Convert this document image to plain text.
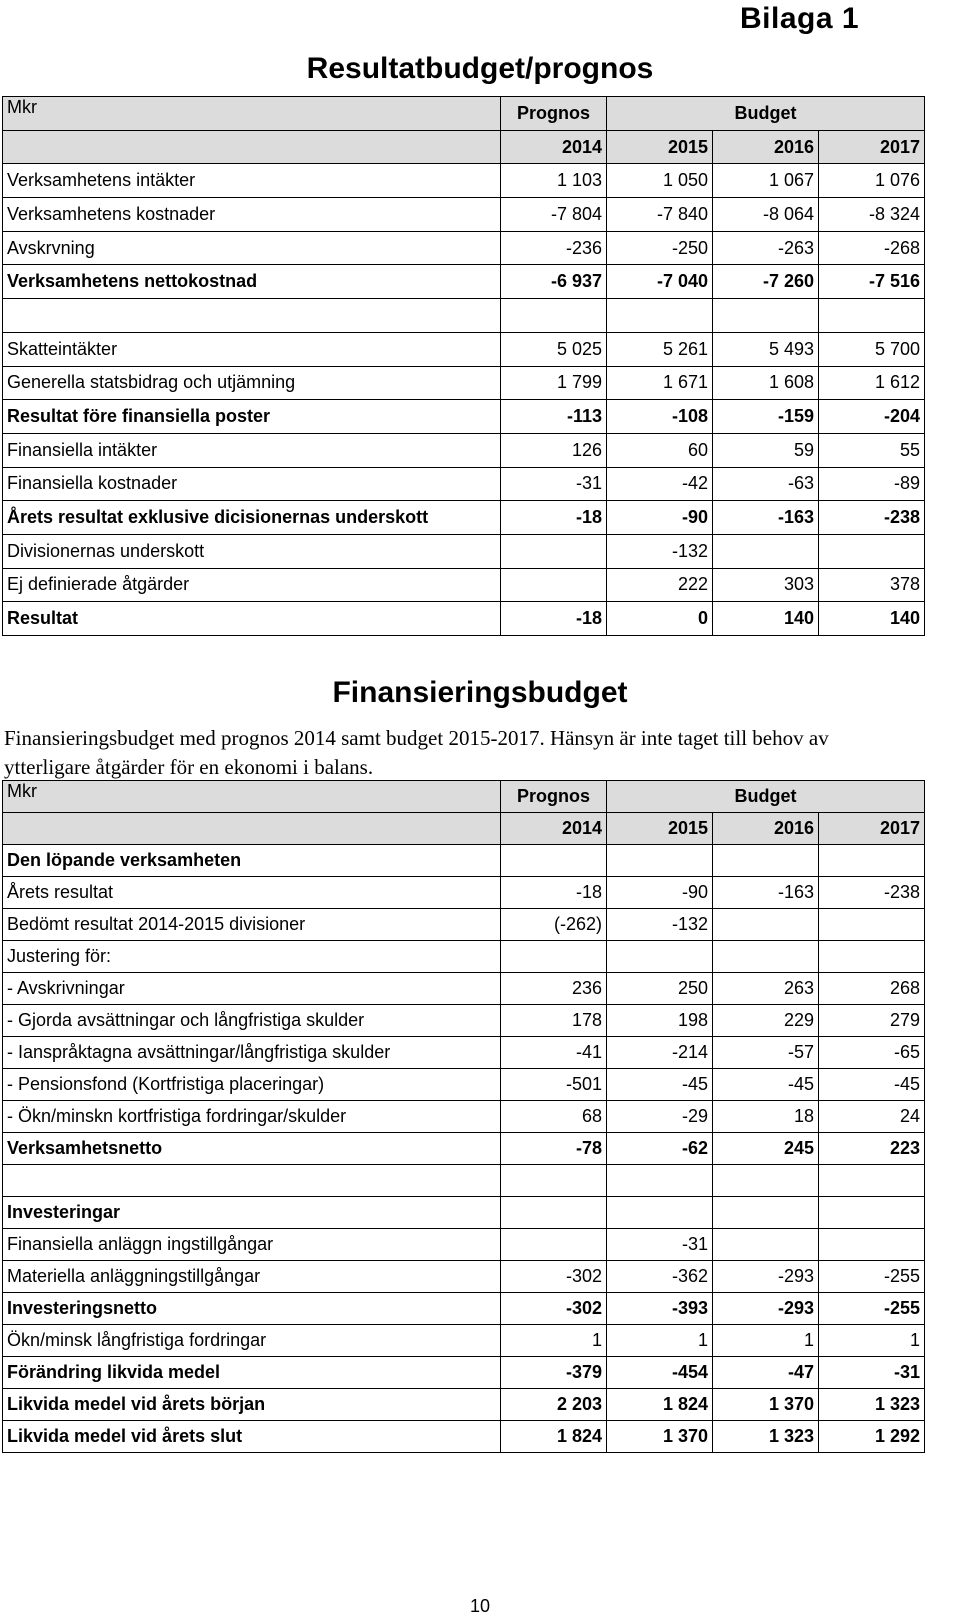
Bilaga 1
Resultatbudget/prognos
Mkr	Prognos	Budget		
	2014	2015	2016	2017
Verksamhetens intäkter	1 103	1 050	1 067	1 076
Verksamhetens kostnader	-7 804	-7 840	-8 064	-8 324
Avskrvning	-236	-250	-263	-268
Verksamhetens nettokostnad	-6 937	-7 040	-7 260	-7 516

Skatteintäkter	5 025	5 261	5 493	5 700
Generella statsbidrag och utjämning	1 799	1 671	1 608	1 612
Resultat före finansiella poster	-113	-108	-159	-204
Finansiella intäkter	126	60	59	55
Finansiella kostnader	-31	-42	-63	-89
Årets resultat exklusive dicisionernas underskott	-18	-90	-163	-238
Divisionernas underskott		-132		
Ej definierade åtgärder		222	303	378
Resultat	-18	0	140	140
Finansieringsbudget
Finansieringsbudget med prognos 2014 samt budget 2015-2017. Hänsyn är inte taget till behov av ytterligare åtgärder för en ekonomi i balans.
Mkr	Prognos	Budget		
	2014	2015	2016	2017
Den löpande verksamheten				
Årets resultat	-18	-90	-163	-238
Bedömt resultat 2014-2015 divisioner	(-262)	-132		
Justering för:				
- Avskrivningar	236	250	263	268
- Gjorda avsättningar och långfristiga skulder	178	198	229	279
- Ianspråktagna avsättningar/långfristiga skulder	-41	-214	-57	-65
- Pensionsfond (Kortfristiga placeringar)	-501	-45	-45	-45
- Ökn/minskn kortfristiga fordringar/skulder	68	-29	18	24
Verksamhetsnetto	-78	-62	245	223

Investeringar				
Finansiella anläggn ingstillgångar		-31		
Materiella anläggningstillgångar	-302	-362	-293	-255
Investeringsnetto	-302	-393	-293	-255
Ökn/minsk långfristiga fordringar	1	1	1	1
Förändring likvida medel	-379	-454	-47	-31
Likvida medel vid årets början	2 203	1 824	1 370	1 323
Likvida medel vid årets slut	1 824	1 370	1 323	1 292
10
